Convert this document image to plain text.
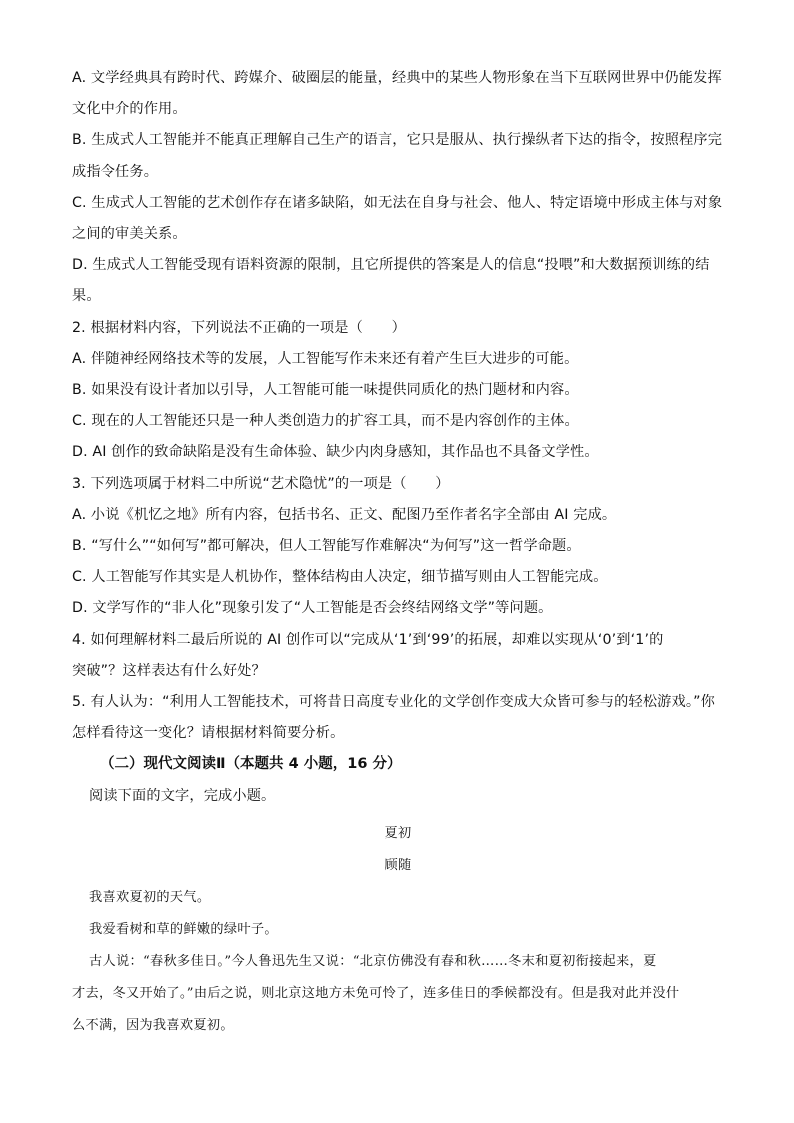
A. 文学经典具有跨时代、跨媒介、破圈层的能量，经典中的某些人物形象在当下互联网世界中仍能发挥
文化中介的作用。
B. 生成式人工智能并不能真正理解自己生产的语言，它只是服从、执行操纵者下达的指令，按照程序完
成指令任务。
C. 生成式人工智能的艺术创作存在诸多缺陷，如无法在自身与社会、他人、特定语境中形成主体与对象
之间的审美关系。
D. 生成式人工智能受现有语料资源的限制，且它所提供的答案是人的信息“投喂”和大数据预训练的结
果。
2. 根据材料内容，下列说法不正确的一项是（　　）
A. 伴随神经网络技术等的发展，人工智能写作未来还有着产生巨大进步的可能。
B. 如果没有设计者加以引导，人工智能可能一味提供同质化的热门题材和内容。
C. 现在的人工智能还只是一种人类创造力的扩容工具，而不是内容创作的主体。
D. AI 创作的致命缺陷是没有生命体验、缺少内肉身感知，其作品也不具备文学性。
3. 下列选项属于材料二中所说“艺术隐忧”的一项是（　　）
A. 小说《机忆之地》所有内容，包括书名、正文、配图乃至作者名字全部由 AI 完成。
B. “写什么”“如何写”都可解决，但人工智能写作难解决“为何写”这一哲学命题。
C. 人工智能写作其实是人机协作，整体结构由人决定，细节描写则由人工智能完成。
D. 文学写作的“非人化”现象引发了“人工智能是否会终结网络文学”等问题。
4. 如何理解材料二最后所说的 AI 创作可以“完成从‘1’到‘99’的拓展，却难以实现从‘0’到‘1’的
突破”？这样表达有什么好处？
5. 有人认为：“利用人工智能技术，可将昔日高度专业化的文学创作变成大众皆可参与的轻松游戏。”你
怎样看待这一变化？请根据材料简要分析。
（二）现代文阅读Ⅱ（本题共 4 小题，16 分）
阅读下面的文字，完成小题。
夏初
顾随
我喜欢夏初的天气。
我爱看树和草的鲜嫩的绿叶子。
古人说：“春秋多佳日。”今人鲁迅先生又说：“北京仿佛没有春和秋……冬末和夏初衔接起来，夏
才去，冬又开始了。”由后之说，则北京这地方未免可怜了，连多佳日的季候都没有。但是我对此并没什
么不满，因为我喜欢夏初。
